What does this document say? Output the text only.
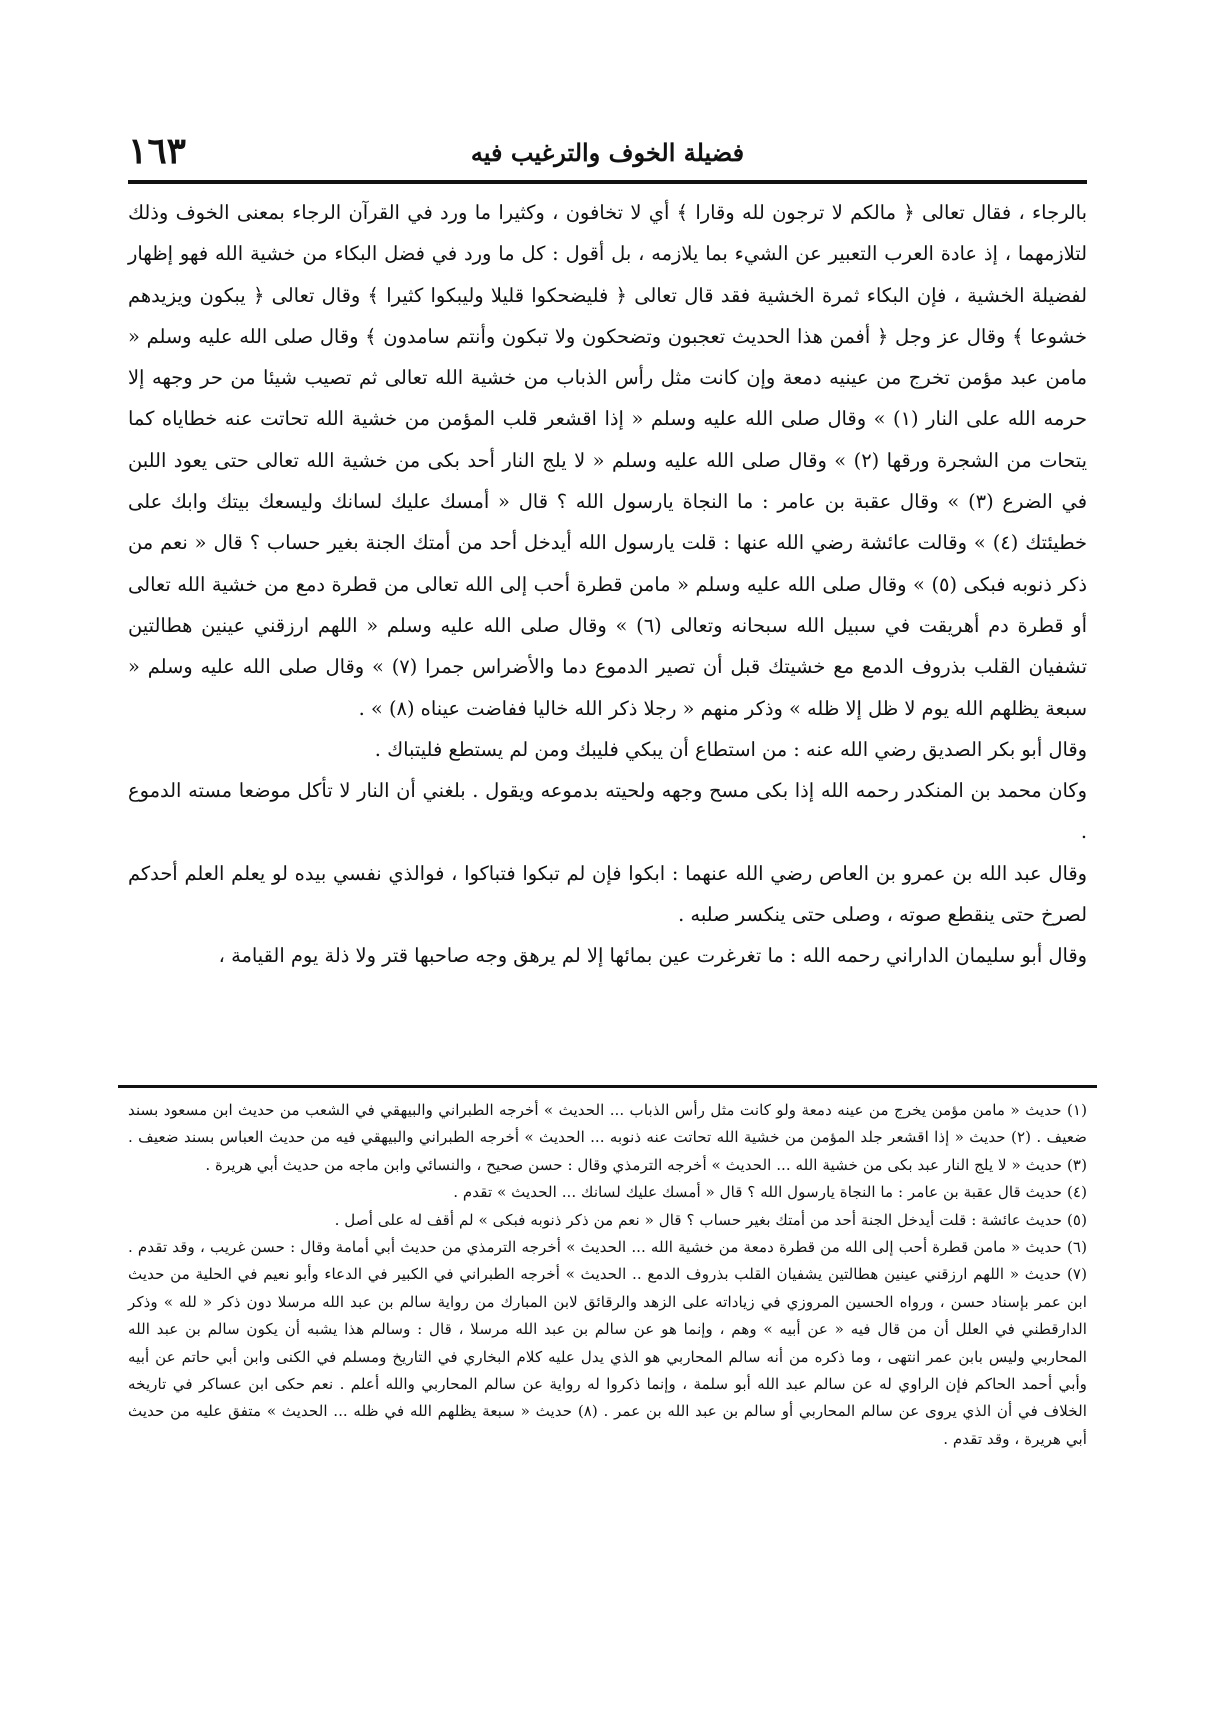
فضيلة الخوف والترغيب فيه
١٦٣

بالرجاء ، فقال تعالى ﴿ مالكم لا ترجون لله وقارا ﴾ أي لا تخافون ، وكثيرا ما ورد في القرآن الرجاء بمعنى الخوف وذلك لتلازمهما ، إذ عادة العرب التعبير عن الشيء بما يلازمه ، بل أقول : كل ما ورد في فضل البكاء من خشية الله فهو إظهار لفضيلة الخشية ، فإن البكاء ثمرة الخشية فقد قال تعالى ﴿ فليضحكوا قليلا وليبكوا كثيرا ﴾ وقال تعالى ﴿ يبكون ويزيدهم خشوعا ﴾ وقال عز وجل ﴿ أفمن هذا الحديث تعجبون وتضحكون ولا تبكون وأنتم سامدون ﴾ وقال صلى الله عليه وسلم « مامن عبد مؤمن تخرج من عينيه دمعة وإن كانت مثل رأس الذباب من خشية الله تعالى ثم تصيب شيئا من حر وجهه إلا حرمه الله على النار (١) » وقال صلى الله عليه وسلم « إذا اقشعر قلب المؤمن من خشية الله تحاتت عنه خطاياه كما يتحات من الشجرة ورقها (٢) » وقال صلى الله عليه وسلم « لا يلج النار أحد بكى من خشية الله تعالى حتى يعود اللبن في الضرع (٣) » وقال عقبة بن عامر : ما النجاة يارسول الله ؟ قال « أمسك عليك لسانك وليسعك بيتك وابك على خطيئتك (٤) » وقالت عائشة رضي الله عنها : قلت يارسول الله أيدخل أحد من أمتك الجنة بغير حساب ؟ قال « نعم من ذكر ذنوبه فبكى (٥) » وقال صلى الله عليه وسلم « مامن قطرة أحب إلى الله تعالى من قطرة دمع من خشية الله تعالى أو قطرة دم أهريقت في سبيل الله سبحانه وتعالى (٦) » وقال صلى الله عليه وسلم « اللهم ارزقني عينين هطالتين تشفيان القلب بذروف الدمع مع خشيتك قبل أن تصير الدموع دما والأضراس جمرا (٧) » وقال صلى الله عليه وسلم « سبعة يظلهم الله يوم لا ظل إلا ظله » وذكر منهم « رجلا ذكر الله خاليا ففاضت عيناه (٨) » .

وقال أبو بكر الصديق رضي الله عنه : من استطاع أن يبكي فليبك ومن لم يستطع فليتباك .

وكان محمد بن المنكدر رحمه الله إذا بكى مسح وجهه ولحيته بدموعه ويقول . بلغني أن النار لا تأكل موضعا مسته الدموع .

وقال عبد الله بن عمرو بن العاص رضي الله عنهما : ابكوا فإن لم تبكوا فتباكوا ، فوالذي نفسي بيده لو يعلم العلم أحدكم لصرخ حتى ينقطع صوته ، وصلى حتى ينكسر صلبه .

وقال أبو سليمان الداراني رحمه الله : ما تغرغرت عين بمائها إلا لم يرهق وجه صاحبها قتر ولا ذلة يوم القيامة ،

(١) حديث « مامن مؤمن يخرج من عينه دمعة ولو كانت مثل رأس الذباب ... الحديث » أخرجه الطبراني والبيهقي في الشعب من حديث ابن مسعود بسند ضعيف . (٢) حديث « إذا اقشعر جلد المؤمن من خشية الله تحاتت عنه ذنوبه ... الحديث » أخرجه الطبراني والبيهقي فيه من حديث العباس بسند ضعيف . (٣) حديث « لا يلج النار عبد بكى من خشية الله ... الحديث » أخرجه الترمذي وقال : حسن صحيح ، والنسائي وابن ماجه من حديث أبي هريرة .

(٤) حديث قال عقبة بن عامر : ما النجاة يارسول الله ؟ قال « أمسك عليك لسانك ... الحديث » تقدم .

(٥) حديث عائشة : قلت أيدخل الجنة أحد من أمتك بغير حساب ؟ قال « نعم من ذكر ذنوبه فبكى » لم أقف له على أصل .

(٦) حديث « مامن قطرة أحب إلى الله من قطرة دمعة من خشية الله ... الحديث » أخرجه الترمذي من حديث أبي أمامة وقال : حسن غريب ، وقد تقدم . (٧) حديث « اللهم ارزقني عينين هطالتين يشفيان القلب بذروف الدمع .. الحديث » أخرجه الطبراني في الكبير في الدعاء وأبو نعيم في الحلية من حديث ابن عمر بإسناد حسن ، ورواه الحسين المروزي في زياداته على الزهد والرقائق لابن المبارك من رواية سالم بن عبد الله مرسلا دون ذكر « لله » وذكر الدارقطني في العلل أن من قال فيه « عن أبيه » وهم ، وإنما هو عن سالم بن عبد الله مرسلا ، قال : وسالم هذا يشبه أن يكون سالم بن عبد الله المحاربي وليس بابن عمر انتهى ، وما ذكره من أنه سالم المحاربي هو الذي يدل عليه كلام البخاري في التاريخ ومسلم في الكنى وابن أبي حاتم عن أبيه وأبي أحمد الحاكم فإن الراوي له عن سالم عبد الله أبو سلمة ، وإنما ذكروا له رواية عن سالم المحاربي والله أعلم . نعم حكى ابن عساكر في تاريخه الخلاف في أن الذي يروى عن سالم المحاربي أو سالم بن عبد الله بن عمر . (٨) حديث « سبعة يظلهم الله في ظله ... الحديث » متفق عليه من حديث أبي هريرة ، وقد تقدم .
